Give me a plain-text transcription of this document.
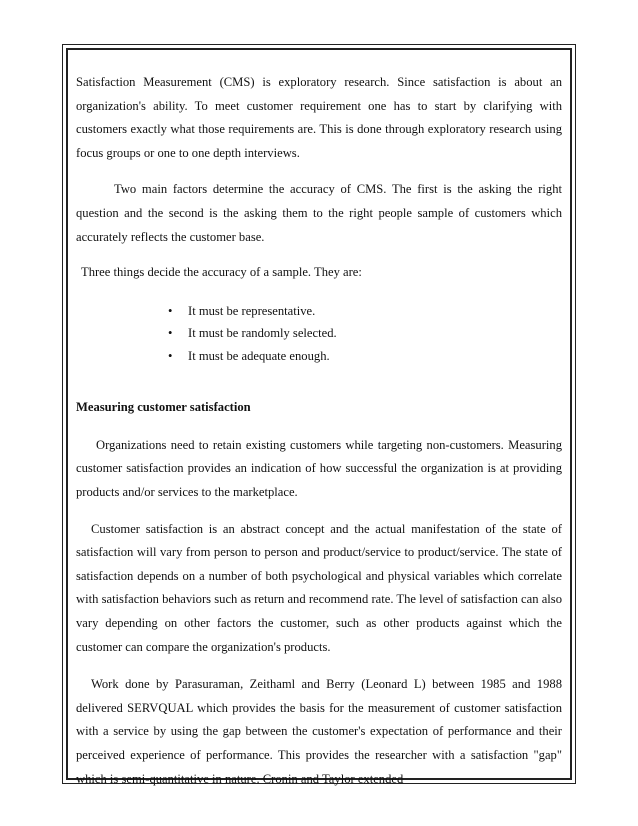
Satisfaction Measurement (CMS) is exploratory research. Since satisfaction is about an organization's ability. To meet customer requirement one has to start by clarifying with customers exactly what those requirements are. This is done through exploratory research using focus groups or one to one depth interviews.

Two main factors determine the accuracy of CMS. The first is the asking the right question and the second is the asking them to the right people sample of customers which accurately reflects the customer base.

Three things decide the accuracy of a sample. They are:

• It must be representative.
• It must be randomly selected.
• It must be adequate enough.

Measuring customer satisfaction

Organizations need to retain existing customers while targeting non-customers. Measuring customer satisfaction provides an indication of how successful the organization is at providing products and/or services to the marketplace.

Customer satisfaction is an abstract concept and the actual manifestation of the state of satisfaction will vary from person to person and product/service to product/service. The state of satisfaction depends on a number of both psychological and physical variables which correlate with satisfaction behaviors such as return and recommend rate. The level of satisfaction can also vary depending on other factors the customer, such as other products against which the customer can compare the organization's products.

Work done by Parasuraman, Zeithaml and Berry (Leonard L) between 1985 and 1988 delivered SERVQUAL which provides the basis for the measurement of customer satisfaction with a service by using the gap between the customer's expectation of performance and their perceived experience of performance. This provides the researcher with a satisfaction "gap" which is semi-quantitative in nature. Cronin and Taylor extended
